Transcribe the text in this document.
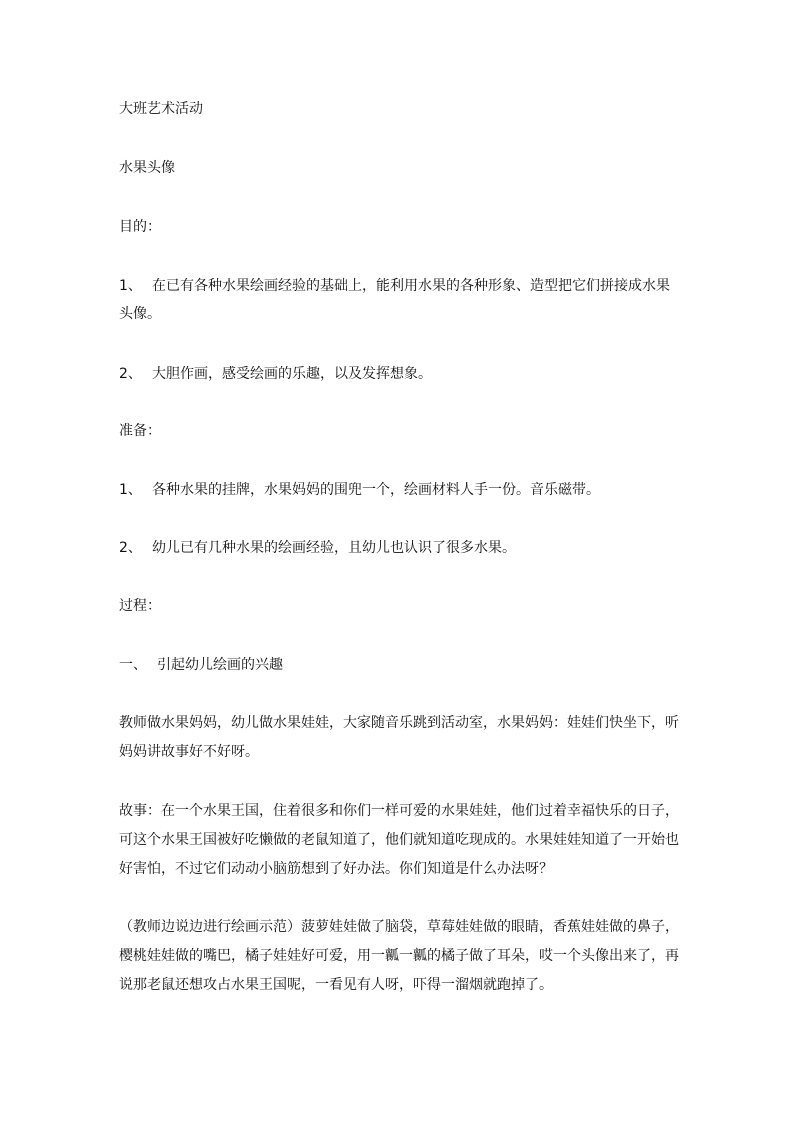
大班艺术活动

水果头像

目的：

1、 在已有各种水果绘画经验的基础上，能利用水果的各种形象、造型把它们拼接成水果

头像。

2、 大胆作画，感受绘画的乐趣，以及发挥想象。

准备：

1、 各种水果的挂牌，水果妈妈的围兜一个，绘画材料人手一份。音乐磁带。

2、 幼儿已有几种水果的绘画经验，且幼儿也认识了很多水果。

过程：

一、 引起幼儿绘画的兴趣

教师做水果妈妈，幼儿做水果娃娃，大家随音乐跳到活动室，水果妈妈：娃娃们快坐下，听

妈妈讲故事好不好呀。

故事：在一个水果王国，住着很多和你们一样可爱的水果娃娃，他们过着幸福快乐的日子，

可这个水果王国被好吃懒做的老鼠知道了，他们就知道吃现成的。水果娃娃知道了一开始也

好害怕，不过它们动动小脑筋想到了好办法。你们知道是什么办法呀？

（教师边说边进行绘画示范）菠萝娃娃做了脑袋，草莓娃娃做的眼睛，香蕉娃娃做的鼻子，

樱桃娃娃做的嘴巴，橘子娃娃好可爱，用一瓤一瓤的橘子做了耳朵，哎一个头像出来了，再

说那老鼠还想攻占水果王国呢，一看见有人呀，吓得一溜烟就跑掉了。
